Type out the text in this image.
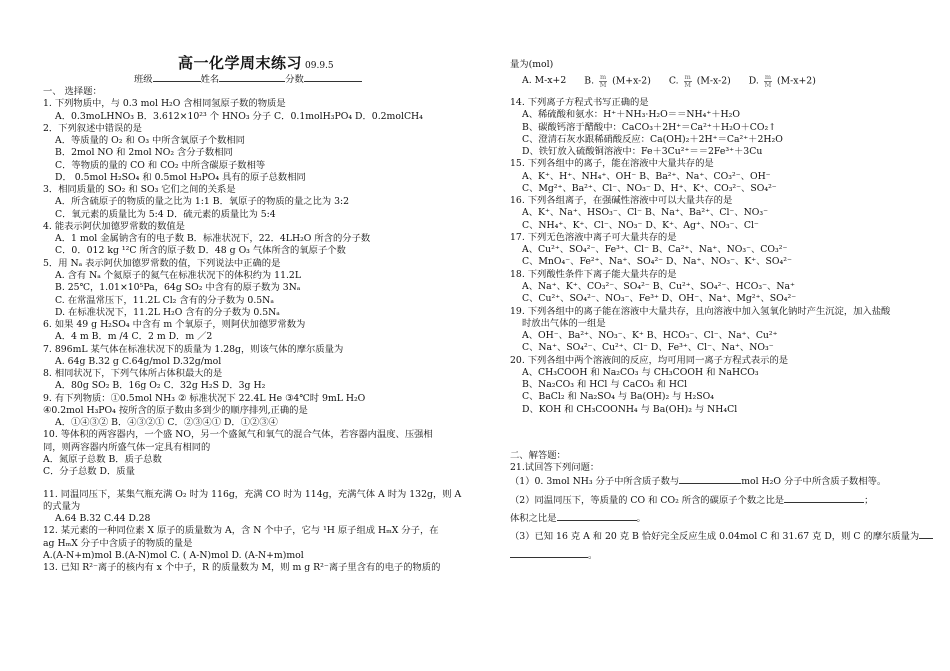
高一化学周末练习 09.9.5
班级	姓名	分数
一、 选择题：
1. 下列物质中，与 0.3 mol H₂O 含相同氢原子数的物质是
A．0.3moLHNO₃ B．3.612×10²³ 个 HNO₃ 分子 C．0.1molH₃PO₄ D．0.2molCH₄
2．下列叙述中错误的是
A．等质量的 O₂ 和 O₃ 中所含氧原子个数相同
B．2mol NO 和 2mol NO₂ 含分子数相同
C．等物质的量的 CO 和 CO₂ 中所含碳原子数相等
D． 0.5mol H₂SO₄ 和 0.5mol H₃PO₄ 具有的原子总数相同
3．相同质量的 SO₂ 和 SO₃ 它们之间的关系是
A．所含硫原子的物质的量之比为 1:1 B．氧原子的物质的量之比为 3:2
C．氧元素的质量比为 5:4 D．硫元素的质量比为 5:4
4. 能表示阿伏加德罗常数的数值是
A．1 mol 金属钠含有的电子数 B．标准状况下，22．4LH₂O 所含的分子数
C．0．012 kg ¹²C 所含的原子数 D．48 g O₃ 气体所含的氧原子个数
5．用 Nₐ 表示阿伏加德罗常数的值，下列说法中正确的是
A. 含有 Nₐ 个氦原子的氦气在标准状况下的体积约为 11.2L
B. 25℃，1.01×10⁵Pa，64g SO₂ 中含有的原子数为 3Nₐ
C. 在常温常压下，11.2L Cl₂ 含有的分子数为 0.5Nₐ
D. 在标准状况下，11.2L H₂O 含有的分子数为 0.5Nₐ
6. 如果 49 g H₂SO₄ 中含有 m 个氧原子，则阿伏加德罗常数为
A．4 m B．m /4 C．2 m D．m ／2
7. 896mL 某气体在标准状况下的质量为 1.28g，则该气体的摩尔质量为
A. 64g B.32 g C.64g/mol D.32g/mol
8. 相同状况下，下列气体所占体积最大的是
A．80g SO₂ B．16g O₂ C．32g H₂S D．3g H₂
9. 有下列物质：①0.5mol NH₃ ② 标准状况下 22.4L He ③4℃时 9mL H₂O
④0.2mol H₃PO₄ 按所含的原子数由多到少的顺序排列,正确的是
A．①④③② B．④③②① C．②③④① D．①②③④
10. 等体积的两容器内，一个盛 NO，另一个盛氮气和氧气的混合气体，若容器内温度、压强相
同，则两容器内所盛气体一定具有相同的
A．氮原子总数 B．质子总数
C．分子总数 D．质量
11. 同温同压下，某集气瓶充满 O₂ 时为 116g，充满 CO 时为 114g，充满气体 A 时为 132g，则 A
的式量为
A.64 B.32 C.44 D.28
12. 某元素的一种同位素 X 原子的质量数为 A，含 N 个中子，它与 ¹H 原子组成 HₘX 分子，在
ag HₘX 分子中含质子的物质的量是
A.(A-N+m)mol B.(A-N)mol C. ( A-N)mol D. (A-N+m)mol
13. 已知 R²⁻离子的核内有 x 个中子，R 的质量数为 M，则 m g R²⁻离子里含有的电子的物质的
量为(mol)
A. M-x+2 B. $\frac{m}{M} (M+x-2)$ C. $\frac{m}{M} (M-x-2)$ D. $\frac{m}{M} (M-x+2)$
14. 下列离子方程式书写正确的是
A、稀硫酸和氨水：H⁺＋NH₃·H₂O＝＝NH₄⁺＋H₂O
B、碳酸钙溶于醋酸中：CaCO₃＋2H⁺＝Ca²⁺＋H₂O＋CO₂↑
C、澄清石灰水跟稀硝酸反应：Ca(OH)₂＋2H⁺＝Ca²⁺＋2H₂O
D、铁钉放入硫酸铜溶液中：Fe＋3Cu²⁺＝＝2Fe³⁺＋3Cu
15. 下列各组中的离子，能在溶液中大量共存的是
A、K⁺、H⁺、NH₄⁺、OH⁻ B、Ba²⁺、Na⁺、CO₃²⁻、OH⁻
C、Mg²⁺、Ba²⁺、Cl⁻、NO₃⁻ D、H⁺、K⁺、CO₃²⁻、SO₄²⁻
16. 下列各组离子，在强碱性溶液中可以大量共存的是
A、K⁺、Na⁺、HSO₃⁻、Cl⁻ B、Na⁺、Ba²⁺、Cl⁻、NO₃⁻
C、NH₄⁺、K⁺、Cl⁻、NO₃⁻ D、K⁺、Ag⁺、NO₃⁻、Cl⁻
17. 下列无色溶液中离子可大量共存的是
A、Cu²⁺、SO₄²⁻、Fe³⁺、Cl⁻ B、Ca²⁺、Na⁺、NO₃⁻、CO₃²⁻
C、MnO₄⁻、Fe²⁺、Na⁺、SO₄²⁻ D、Na⁺、NO₃⁻、K⁺、SO₄²⁻
18. 下列酸性条件下离子能大量共存的是
A、Na⁺、K⁺、CO₃²⁻、SO₄²⁻ B、Cu²⁺、SO₄²⁻、HCO₃⁻、Na⁺
C、Cu²⁺、SO₄²⁻、NO₃⁻、Fe³⁺ D、OH⁻、Na⁺、Mg²⁺、SO₄²⁻
19. 下列各组中的离子能在溶液中大量共存，且向溶液中加入氢氧化钠时产生沉淀，加入盐酸
时放出气体的一组是
A、OH⁻、Ba²⁺、NO₃⁻、K⁺ B、HCO₃⁻、Cl⁻、Na⁺、Cu²⁺
C、Na⁺、SO₄²⁻、Cu²⁺、Cl⁻ D、Fe³⁺、Cl⁻、Na⁺、NO₃⁻
20. 下列各组中两个溶液间的反应，均可用同一离子方程式表示的是
A、CH₃COOH 和 Na₂CO₃ 与 CH₃COOH 和 NaHCO₃
B、Na₂CO₃ 和 HCl 与 CaCO₃ 和 HCl
C、BaCl₂ 和 Na₂SO₄ 与 Ba(OH)₂ 与 H₂SO₄
D、KOH 和 CH₃COONH₄ 与 Ba(OH)₂ 与 NH₄Cl
二、解答题：
21.试回答下列问题：
（1）0. 3mol NH₃ 分子中所含质子数与	mol H₂O 分子中所含质子数相等。
（2）同温同压下，等质量的 CO 和 CO₂ 所含的碳原子个数之比是	；
体积之比是	。
（3）已知 16 克 A 和 20 克 B 恰好完全反应生成 0.04mol C 和 31.67 克 D，则 C 的摩尔质量为
。
